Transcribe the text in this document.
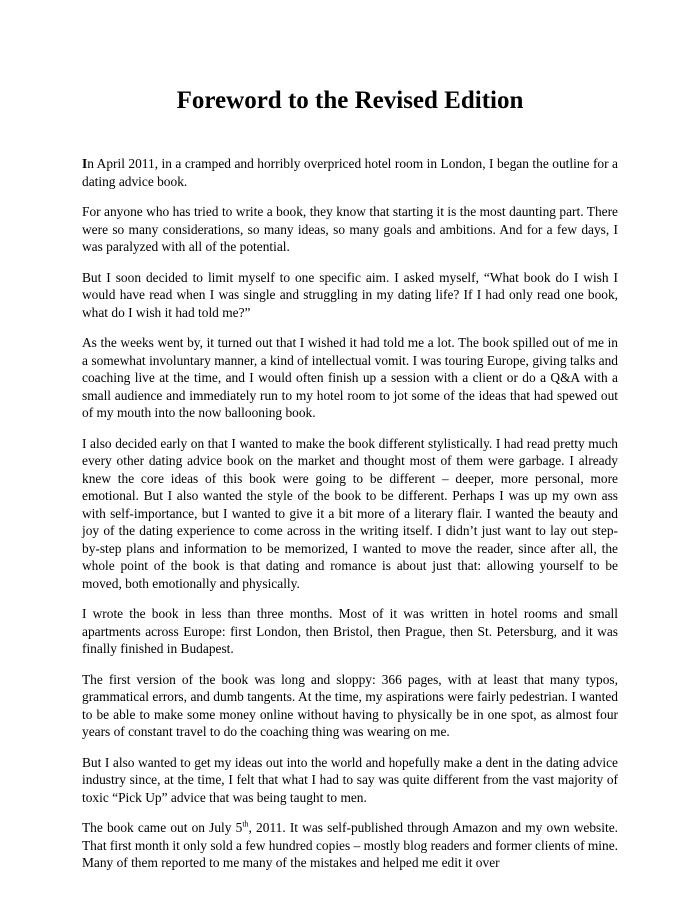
Foreword to the Revised Edition

In April 2011, in a cramped and horribly overpriced hotel room in London, I began the outline for a dating advice book.

For anyone who has tried to write a book, they know that starting it is the most daunting part. There were so many considerations, so many ideas, so many goals and ambitions. And for a few days, I was paralyzed with all of the potential.

But I soon decided to limit myself to one specific aim. I asked myself, “What book do I wish I would have read when I was single and struggling in my dating life? If I had only read one book, what do I wish it had told me?”

As the weeks went by, it turned out that I wished it had told me a lot. The book spilled out of me in a somewhat involuntary manner, a kind of intellectual vomit. I was touring Europe, giving talks and coaching live at the time, and I would often finish up a session with a client or do a Q&A with a small audience and immediately run to my hotel room to jot some of the ideas that had spewed out of my mouth into the now ballooning book.

I also decided early on that I wanted to make the book different stylistically. I had read pretty much every other dating advice book on the market and thought most of them were garbage. I already knew the core ideas of this book were going to be different – deeper, more personal, more emotional. But I also wanted the style of the book to be different. Perhaps I was up my own ass with self-importance, but I wanted to give it a bit more of a literary flair. I wanted the beauty and joy of the dating experience to come across in the writing itself. I didn’t just want to lay out step-by-step plans and information to be memorized, I wanted to move the reader, since after all, the whole point of the book is that dating and romance is about just that: allowing yourself to be moved, both emotionally and physically.

I wrote the book in less than three months. Most of it was written in hotel rooms and small apartments across Europe: first London, then Bristol, then Prague, then St. Petersburg, and it was finally finished in Budapest.

The first version of the book was long and sloppy: 366 pages, with at least that many typos, grammatical errors, and dumb tangents. At the time, my aspirations were fairly pedestrian. I wanted to be able to make some money online without having to physically be in one spot, as almost four years of constant travel to do the coaching thing was wearing on me.

But I also wanted to get my ideas out into the world and hopefully make a dent in the dating advice industry since, at the time, I felt that what I had to say was quite different from the vast majority of toxic “Pick Up” advice that was being taught to men.

The book came out on July 5th, 2011. It was self-published through Amazon and my own website. That first month it only sold a few hundred copies – mostly blog readers and former clients of mine. Many of them reported to me many of the mistakes and helped me edit it over
